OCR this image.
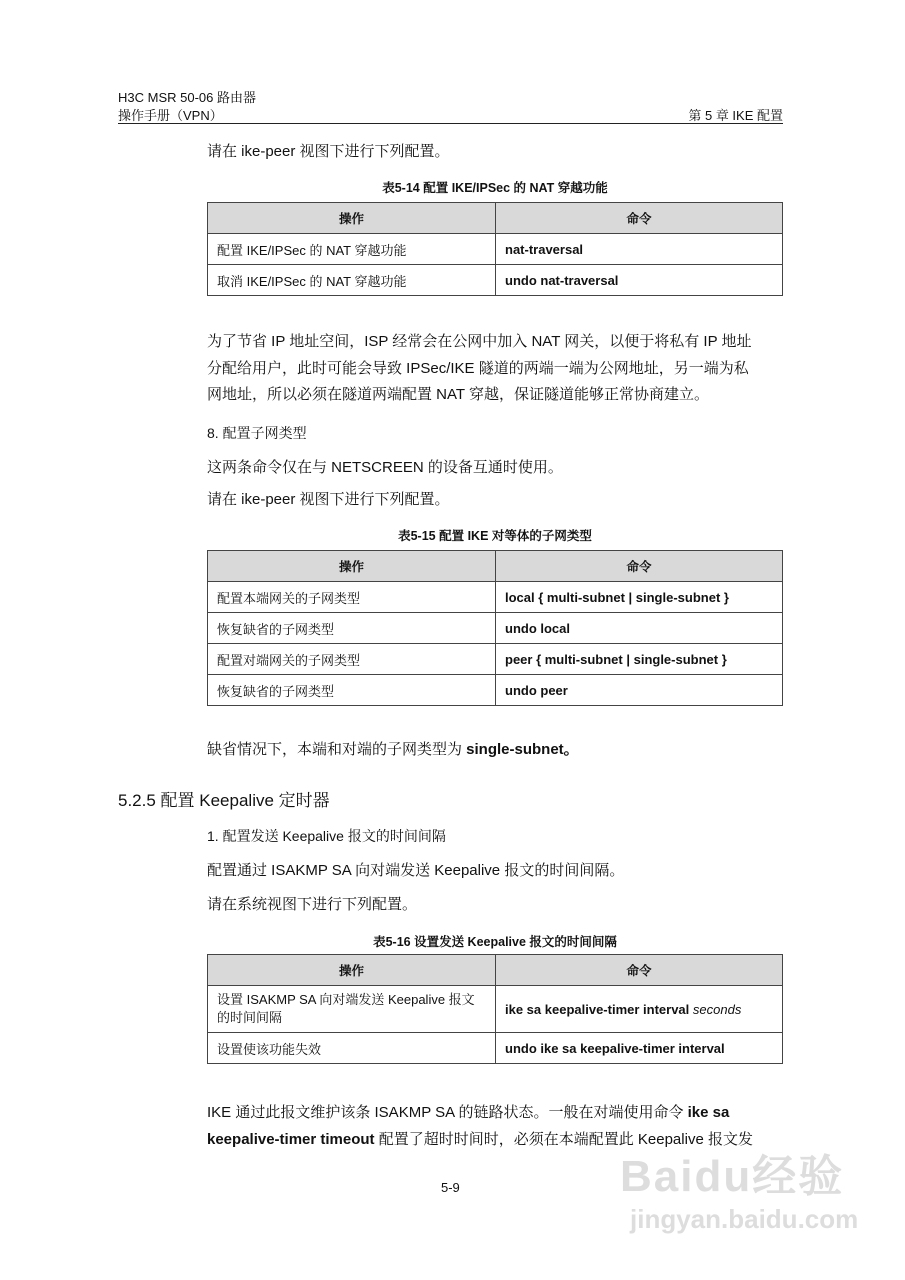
H3C MSR 50-06 路由器
操作手册（VPN）	第 5 章 IKE 配置
请在 ike-peer 视图下进行下列配置。
表5-14 配置 IKE/IPSec 的 NAT 穿越功能
操作	命令
配置 IKE/IPSec 的 NAT 穿越功能	nat-traversal
取消 IKE/IPSec 的 NAT 穿越功能	undo nat-traversal
为了节省 IP 地址空间，ISP 经常会在公网中加入 NAT 网关，以便于将私有 IP 地址
分配给用户，此时可能会导致 IPSec/IKE 隧道的两端一端为公网地址，另一端为私
网地址，所以必须在隧道两端配置 NAT 穿越，保证隧道能够正常协商建立。
8. 配置子网类型
这两条命令仅在与 NETSCREEN 的设备互通时使用。
请在 ike-peer 视图下进行下列配置。
表5-15 配置 IKE 对等体的子网类型
操作	命令
配置本端网关的子网类型	local { multi-subnet | single-subnet }
恢复缺省的子网类型	undo local
配置对端网关的子网类型	peer { multi-subnet | single-subnet }
恢复缺省的子网类型	undo peer
缺省情况下，本端和对端的子网类型为 single-subnet。
5.2.5 配置 Keepalive 定时器
1. 配置发送 Keepalive 报文的时间间隔
配置通过 ISAKMP SA 向对端发送 Keepalive 报文的时间间隔。
请在系统视图下进行下列配置。
表5-16 设置发送 Keepalive 报文的时间间隔
操作	命令
设置 ISAKMP SA 向对端发送 Keepalive 报文的时间间隔	ike sa keepalive-timer interval seconds
设置使该功能失效	undo ike sa keepalive-timer interval
IKE 通过此报文维护该条 ISAKMP SA 的链路状态。一般在对端使用命令 ike sa
keepalive-timer timeout 配置了超时时间时，必须在本端配置此 Keepalive 报文发
5-9	Baidu经验
jingyan.baidu.com
